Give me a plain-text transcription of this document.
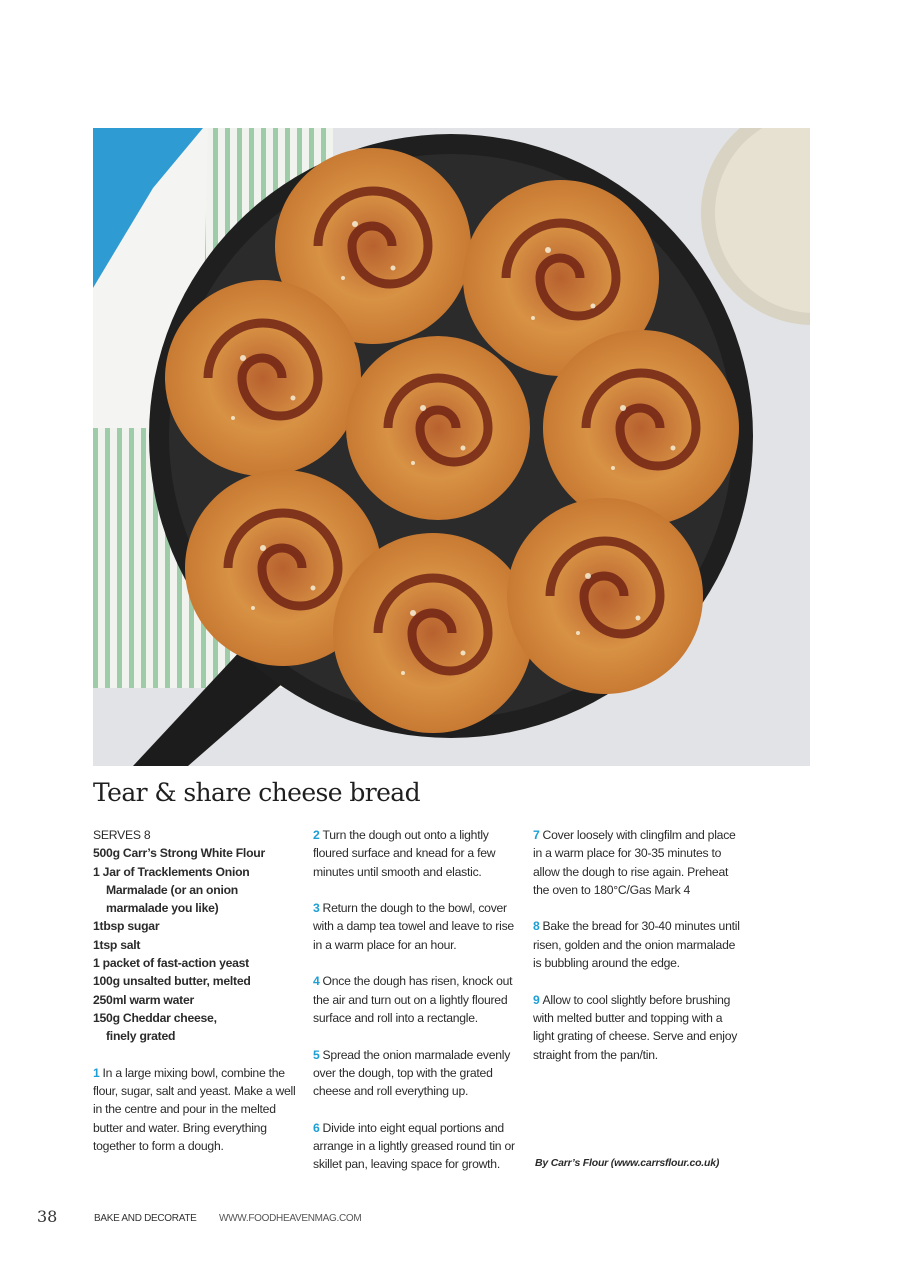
Tear & share cheese bread
SERVES 8
500g Carr’s Strong White Flour
1 Jar of Tracklements Onion
Marmalade (or an onion
marmalade you like)
1tbsp sugar
1tsp salt
1 packet of fast-action yeast
100g unsalted butter, melted
250ml warm water
150g Cheddar cheese,
finely grated

1 In a large mixing bowl, combine the flour, sugar, salt and yeast. Make a well in the centre and pour in the melted butter and water. Bring everything together to form a dough.

2 Turn the dough out onto a lightly floured surface and knead for a few minutes until smooth and elastic.

3 Return the dough to the bowl, cover with a damp tea towel and leave to rise in a warm place for an hour.

4 Once the dough has risen, knock out the air and turn out on a lightly floured surface and roll into a rectangle.

5 Spread the onion marmalade evenly over the dough, top with the grated cheese and roll everything up.

6 Divide into eight equal portions and arrange in a lightly greased round tin or skillet pan, leaving space for growth.

7 Cover loosely with clingfilm and place in a warm place for 30-35 minutes to allow the dough to rise again. Preheat the oven to 180°C/Gas Mark 4

8 Bake the bread for 30-40 minutes until risen, golden and the onion marmalade is bubbling around the edge.

9 Allow to cool slightly before brushing with melted butter and topping with a light grating of cheese. Serve and enjoy straight from the pan/tin.

By Carr’s Flour (www.carrsflour.co.uk)
38	BAKE AND DECORATE WWW.FOODHEAVENMAG.COM
